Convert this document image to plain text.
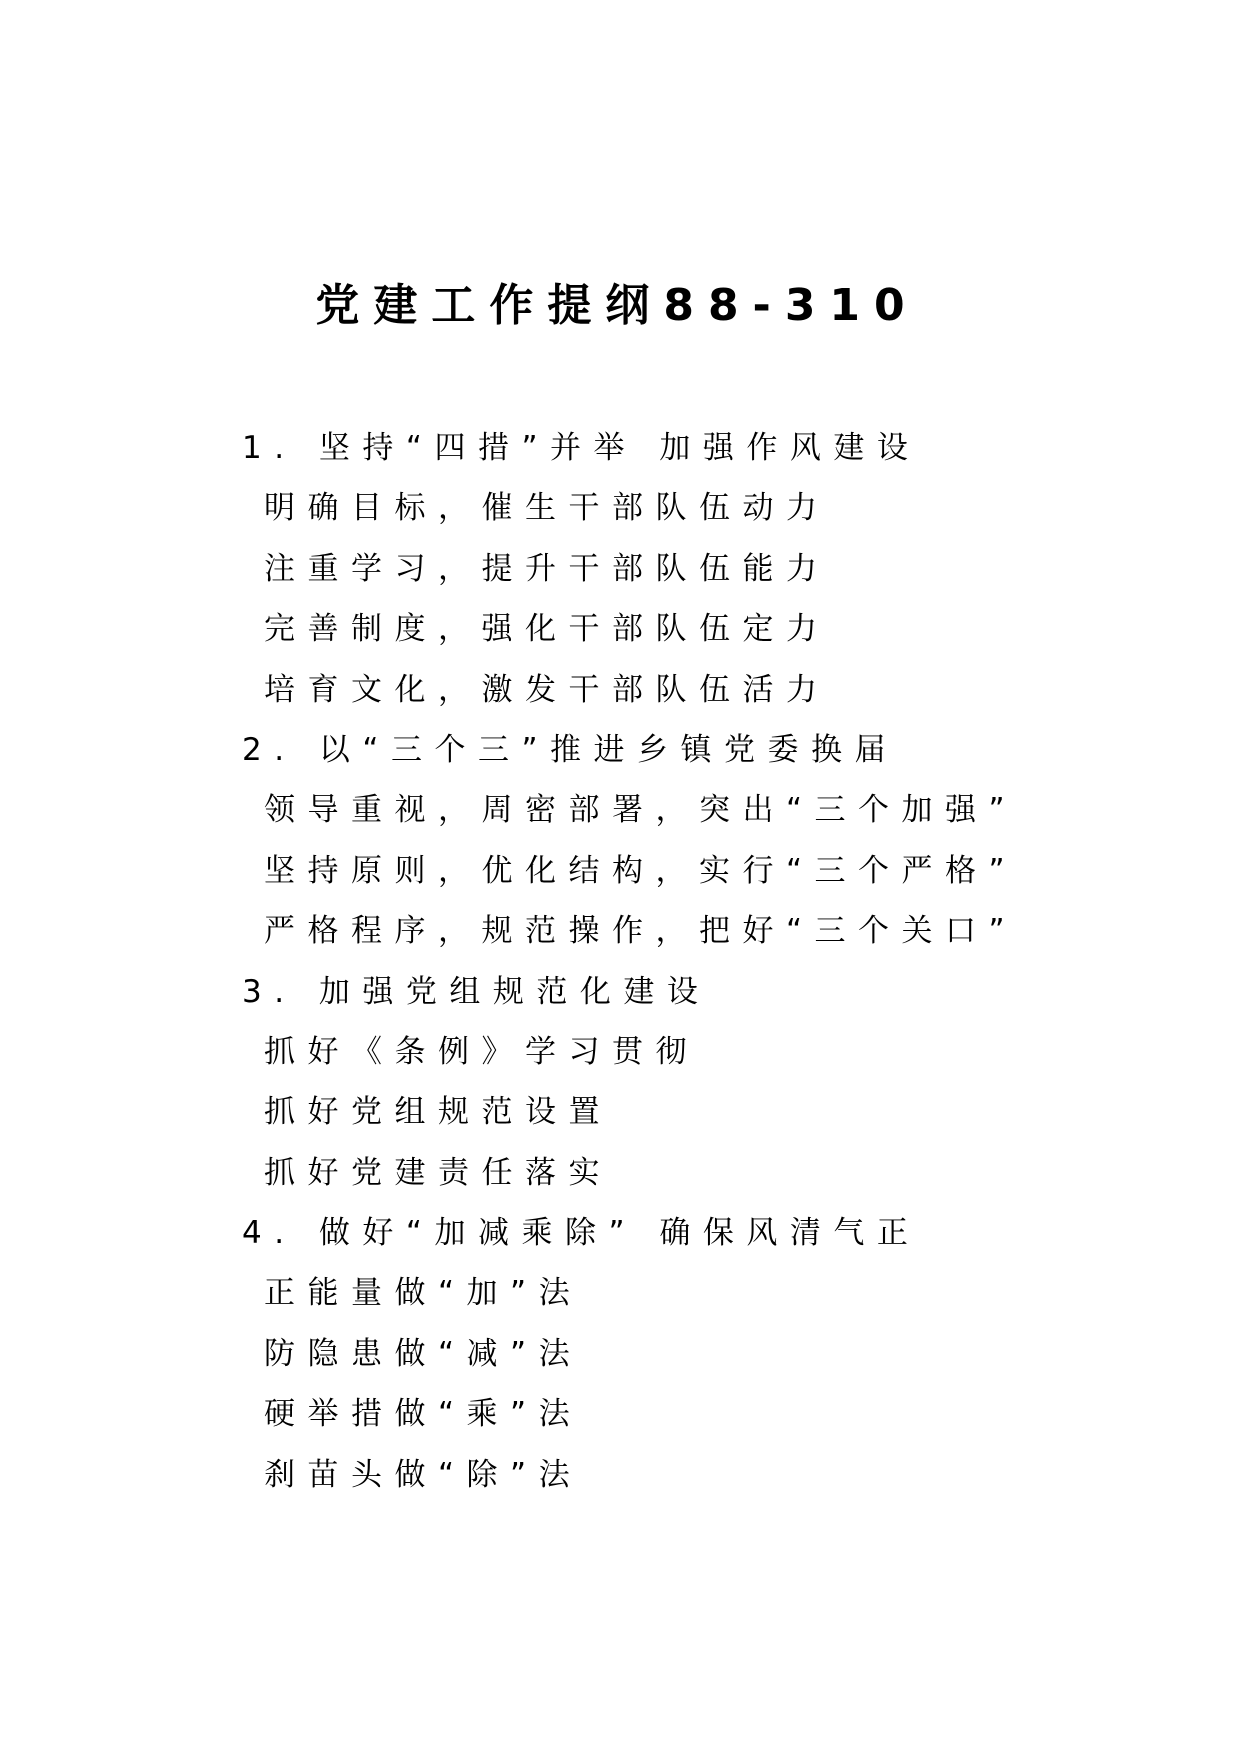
党建工作提纲88-310
1. 坚持“四措”并举 加强作风建设
明确目标，催生干部队伍动力
注重学习，提升干部队伍能力
完善制度，强化干部队伍定力
培育文化，激发干部队伍活力
2. 以“三个三”推进乡镇党委换届
领导重视，周密部署，突出“三个加强”
坚持原则，优化结构，实行“三个严格”
严格程序，规范操作，把好“三个关口”
3. 加强党组规范化建设
抓好《条例》学习贯彻
抓好党组规范设置
抓好党建责任落实
4. 做好“加减乘除” 确保风清气正
正能量做“加”法
防隐患做“减”法
硬举措做“乘”法
刹苗头做“除”法
